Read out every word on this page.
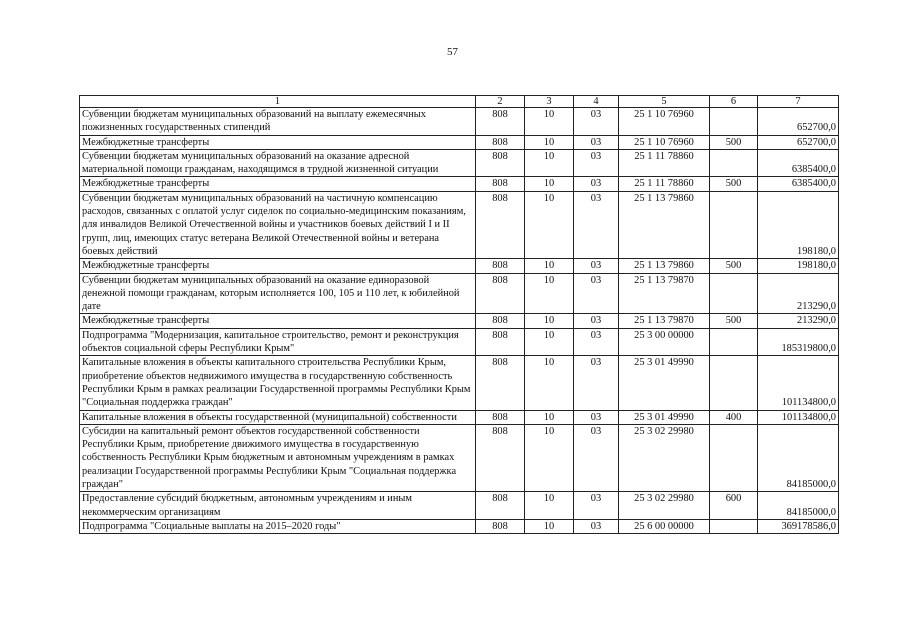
57
1	2	3	4	5	6	7
Субвенции бюджетам муниципальных образований на выплату ежемесячных пожизненных государственных стипендий	808	10	03	25 1 10 76960		652700,0
Межбюджетные трансферты	808	10	03	25 1 10 76960	500	652700,0
Субвенции бюджетам муниципальных образований на оказание адресной материальной помощи гражданам, находящимся в трудной жизненной ситуации	808	10	03	25 1 11 78860		6385400,0
Межбюджетные трансферты	808	10	03	25 1 11 78860	500	6385400,0
Субвенции бюджетам муниципальных образований на частичную компенсацию расходов, связанных с оплатой услуг сиделок по социально-медицинским показаниям, для инвалидов Великой Отечественной войны и участников боевых действий I и II групп, лиц, имеющих статус ветерана Великой Отечественной войны и ветерана боевых действий	808	10	03	25 1 13 79860		198180,0
Межбюджетные трансферты	808	10	03	25 1 13 79860	500	198180,0
Субвенции бюджетам муниципальных образований на оказание единоразовой денежной помощи гражданам, которым исполняется 100, 105 и 110 лет, к юбилейной дате	808	10	03	25 1 13 79870		213290,0
Межбюджетные трансферты	808	10	03	25 1 13 79870	500	213290,0
Подпрограмма "Модернизация, капитальное строительство, ремонт и реконструкция объектов социальной сферы Республики Крым"	808	10	03	25 3 00 00000		185319800,0
Капитальные вложения в объекты капитального строительства Республики Крым, приобретение объектов недвижимого имущества в государственную собственность Республики Крым в рамках реализации Государственной программы Республики Крым "Социальная поддержка граждан"	808	10	03	25 3 01 49990		101134800,0
Капитальные вложения в объекты государственной (муниципальной) собственности	808	10	03	25 3 01 49990	400	101134800,0
Субсидии на капитальный ремонт объектов государственной собственности Республики Крым, приобретение движимого имущества в государственную собственность Республики Крым бюджетным и автономным учреждениям в рамках реализации Государственной программы Республики Крым "Социальная поддержка граждан"	808	10	03	25 3 02 29980		84185000,0
Предоставление субсидий бюджетным, автономным учреждениям и иным некоммерческим организациям	808	10	03	25 3 02 29980	600	84185000,0
Подпрограмма "Социальные выплаты на 2015–2020 годы"	808	10	03	25 6 00 00000		369178586,0
